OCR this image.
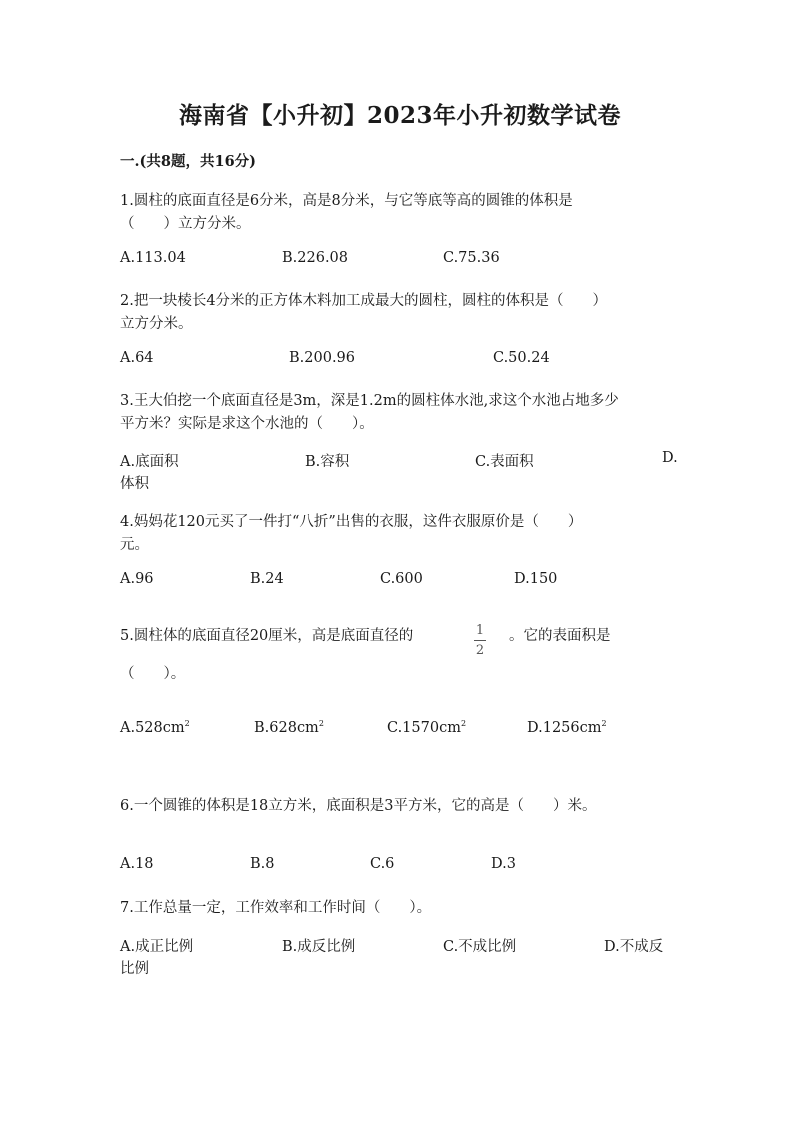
海南省【小升初】2023年小升初数学试卷
一.(共8题，共16分)
1.圆柱的底面直径是6分米，高是8分米，与它等底等高的圆锥的体积是
（　　）立方分米。
A.113.04	B.226.08	C.75.36
2.把一块棱长4分米的正方体木料加工成最大的圆柱，圆柱的体积是（　　）
立方分米。
A.64	B.200.96	C.50.24
3.王大伯挖一个底面直径是3m，深是1.2m的圆柱体水池,求这个水池占地多少
平方米？实际是求这个水池的（　　）。
A.底面积	B.容积	C.表面积	D.
体积
4.妈妈花120元买了一件打“八折”出售的衣服，这件衣服原价是（　　）
元。
A.96	B.24	C.600	D.150
5.圆柱体的底面直径20厘米，高是底面直径的	$\frac{1}{2}$ 。它的表面积是
（　　）。
$A.528cm^2$	$B.628cm^2$	$C.1570cm^2$	$D.1256cm^2$
6.一个圆锥的体积是18立方米，底面积是3平方米，它的高是（　　）米。
A.18	B.8	C.6	D.3
7.工作总量一定，工作效率和工作时间（　　）。
A.成正比例	B.成反比例	C.不成比例	D.不成反
比例
